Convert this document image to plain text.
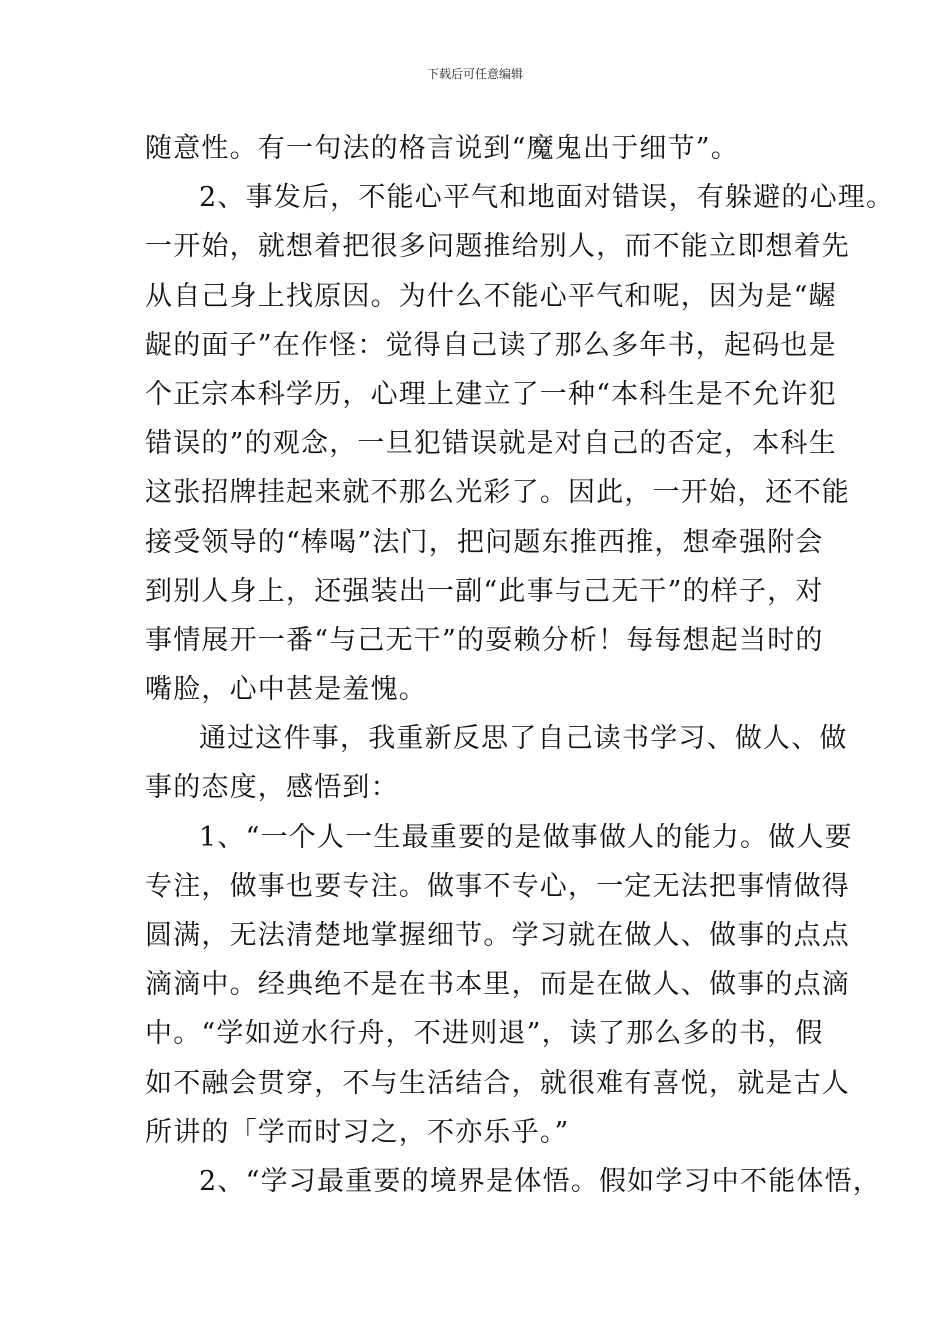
下载后可任意编辑
随意性。有一句法的格言说到“魔鬼出于细节”。
2、事发后，不能心平气和地面对错误，有躲避的心理。
一开始，就想着把很多问题推给别人，而不能立即想着先
从自己身上找原因。为什么不能心平气和呢，因为是“龌
龊的面子”在作怪：觉得自己读了那么多年书，起码也是
个正宗本科学历，心理上建立了一种“本科生是不允许犯
错误的”的观念，一旦犯错误就是对自己的否定，本科生
这张招牌挂起来就不那么光彩了。因此，一开始，还不能
接受领导的“棒喝”法门，把问题东推西推，想牵强附会
到别人身上，还强装出一副“此事与己无干”的样子，对
事情展开一番“与己无干”的耍赖分析！每每想起当时的
嘴脸，心中甚是羞愧。
通过这件事，我重新反思了自己读书学习、做人、做
事的态度，感悟到：
1、“一个人一生最重要的是做事做人的能力。做人要
专注，做事也要专注。做事不专心，一定无法把事情做得
圆满，无法清楚地掌握细节。学习就在做人、做事的点点
滴滴中。经典绝不是在书本里，而是在做人、做事的点滴
中。“学如逆水行舟，不进则退”，读了那么多的书，假
如不融会贯穿，不与生活结合，就很难有喜悦，就是古人
所讲的「学而时习之，不亦乐乎。”
2、“学习最重要的境界是体悟。假如学习中不能体悟，
